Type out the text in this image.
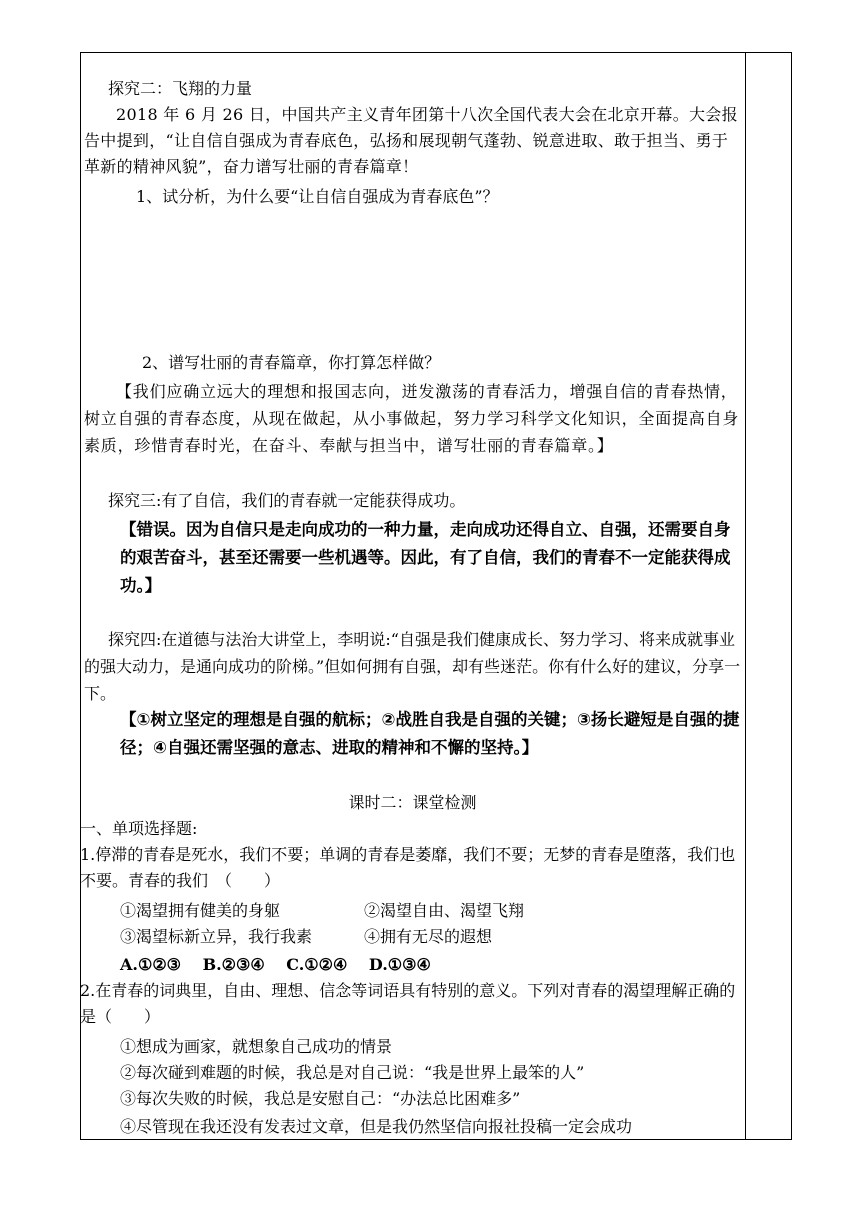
探究二：飞翔的力量

2018 年 6 月 26 日，中国共产主义青年团第十八次全国代表大会在北京开幕。大会报告中提到，“让自信自强成为青春底色，弘扬和展现朝气蓬勃、锐意进取、敢于担当、勇于革新的精神风貌”，奋力谱写壮丽的青春篇章！

1、试分析，为什么要“让自信自强成为青春底色”？

2、谱写壮丽的青春篇章，你打算怎样做？

【我们应确立远大的理想和报国志向，迸发激荡的青春活力，增强自信的青春热情，树立自强的青春态度，从现在做起，从小事做起，努力学习科学文化知识，全面提高自身素质，珍惜青春时光，在奋斗、奉献与担当中，谱写壮丽的青春篇章。】

探究三:有了自信，我们的青春就一定能获得成功。

【错误。因为自信只是走向成功的一种力量，走向成功还得自立、自强，还需要自身的艰苦奋斗，甚至还需要一些机遇等。因此，有了自信，我们的青春不一定能获得成功。】

探究四:在道德与法治大讲堂上，李明说:“自强是我们健康成长、努力学习、将来成就事业的强大动力，是通向成功的阶梯。”但如何拥有自强，却有些迷茫。你有什么好的建议，分享一下。

【①树立坚定的理想是自强的航标；②战胜自我是自强的关键；③扬长避短是自强的捷径；④自强还需坚强的意志、进取的精神和不懈的坚持。】

课时二：课堂检测

一、单项选择题:

1.停滞的青春是死水，我们不要；单调的青春是萎靡，我们不要；无梦的青春是堕落，我们也不要。青春的我们　（　　）

①渴望拥有健美的身躯	②渴望自由、渴望飞翔
③渴望标新立异，我行我素	④拥有无尽的遐想

A.①②③　 B.②③④　 C.①②④　 D.①③④

2.在青春的词典里，自由、理想、信念等词语具有特别的意义。下列对青春的渴望理解正确的是（　　）

①想成为画家，就想象自己成功的情景

②每次碰到难题的时候，我总是对自己说：“我是世界上最笨的人”

③每次失败的时候，我总是安慰自己：“办法总比困难多”

④尽管现在我还没有发表过文章，但是我仍然坚信向报社投稿一定会成功
